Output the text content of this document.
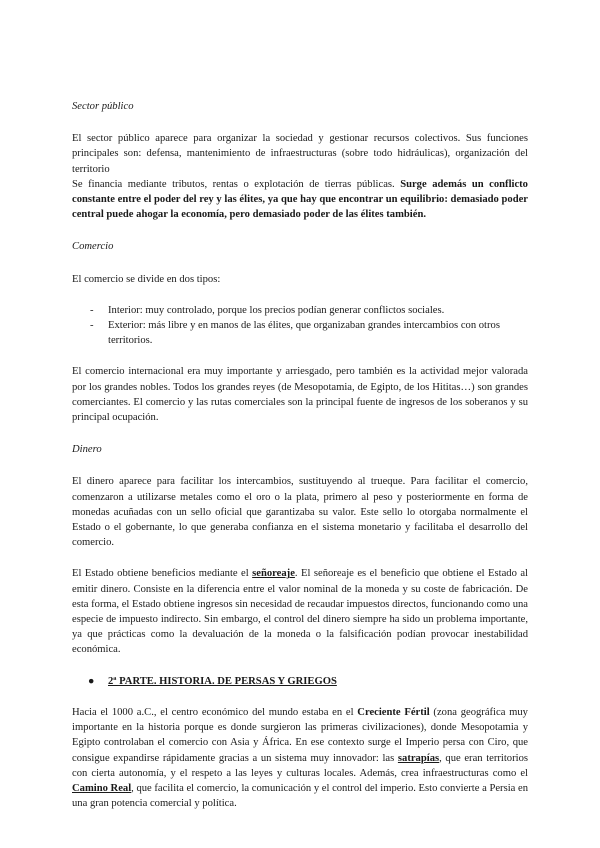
Sector público

El sector público aparece para organizar la sociedad y gestionar recursos colectivos. Sus funciones principales son: defensa, mantenimiento de infraestructuras (sobre todo hidráulicas), organización del territorio

Se financia mediante tributos, rentas o explotación de tierras públicas. Surge además un conflicto constante entre el poder del rey y las élites, ya que hay que encontrar un equilibrio: demasiado poder central puede ahogar la economía, pero demasiado poder de las élites también.

Comercio

El comercio se divide en dos tipos:

- Interior: muy controlado, porque los precios podían generar conflictos sociales.
- Exterior: más libre y en manos de las élites, que organizaban grandes intercambios con otros territorios.

El comercio internacional era muy importante y arriesgado, pero también es la actividad mejor valorada por los grandes nobles. Todos los grandes reyes (de Mesopotamia, de Egipto, de los Hititas…) son grandes comerciantes. El comercio y las rutas comerciales son la principal fuente de ingresos de los soberanos y su principal ocupación.

Dinero

El dinero aparece para facilitar los intercambios, sustituyendo al trueque. Para facilitar el comercio, comenzaron a utilizarse metales como el oro o la plata, primero al peso y posteriormente en forma de monedas acuñadas con un sello oficial que garantizaba su valor. Este sello lo otorgaba normalmente el Estado o el gobernante, lo que generaba confianza en el sistema monetario y facilitaba el desarrollo del comercio.

El Estado obtiene beneficios mediante el señoreaje. El señoreaje es el beneficio que obtiene el Estado al emitir dinero. Consiste en la diferencia entre el valor nominal de la moneda y su coste de fabricación. De esta forma, el Estado obtiene ingresos sin necesidad de recaudar impuestos directos, funcionando como una especie de impuesto indirecto. Sin embargo, el control del dinero siempre ha sido un problema importante, ya que prácticas como la devaluación de la moneda o la falsificación podían provocar inestabilidad económica.

● 2ª PARTE. HISTORIA. DE PERSAS Y GRIEGOS

Hacia el 1000 a.C., el centro económico del mundo estaba en el Creciente Fértil (zona geográfica muy importante en la historia porque es donde surgieron las primeras civilizaciones), donde Mesopotamia y Egipto controlaban el comercio con Asia y África. En ese contexto surge el Imperio persa con Ciro, que consigue expandirse rápidamente gracias a un sistema muy innovador: las satrapías, que eran territorios con cierta autonomía, y el respeto a las leyes y culturas locales. Además, crea infraestructuras como el Camino Real, que facilita el comercio, la comunicación y el control del imperio. Esto convierte a Persia en una gran potencia comercial y política.
